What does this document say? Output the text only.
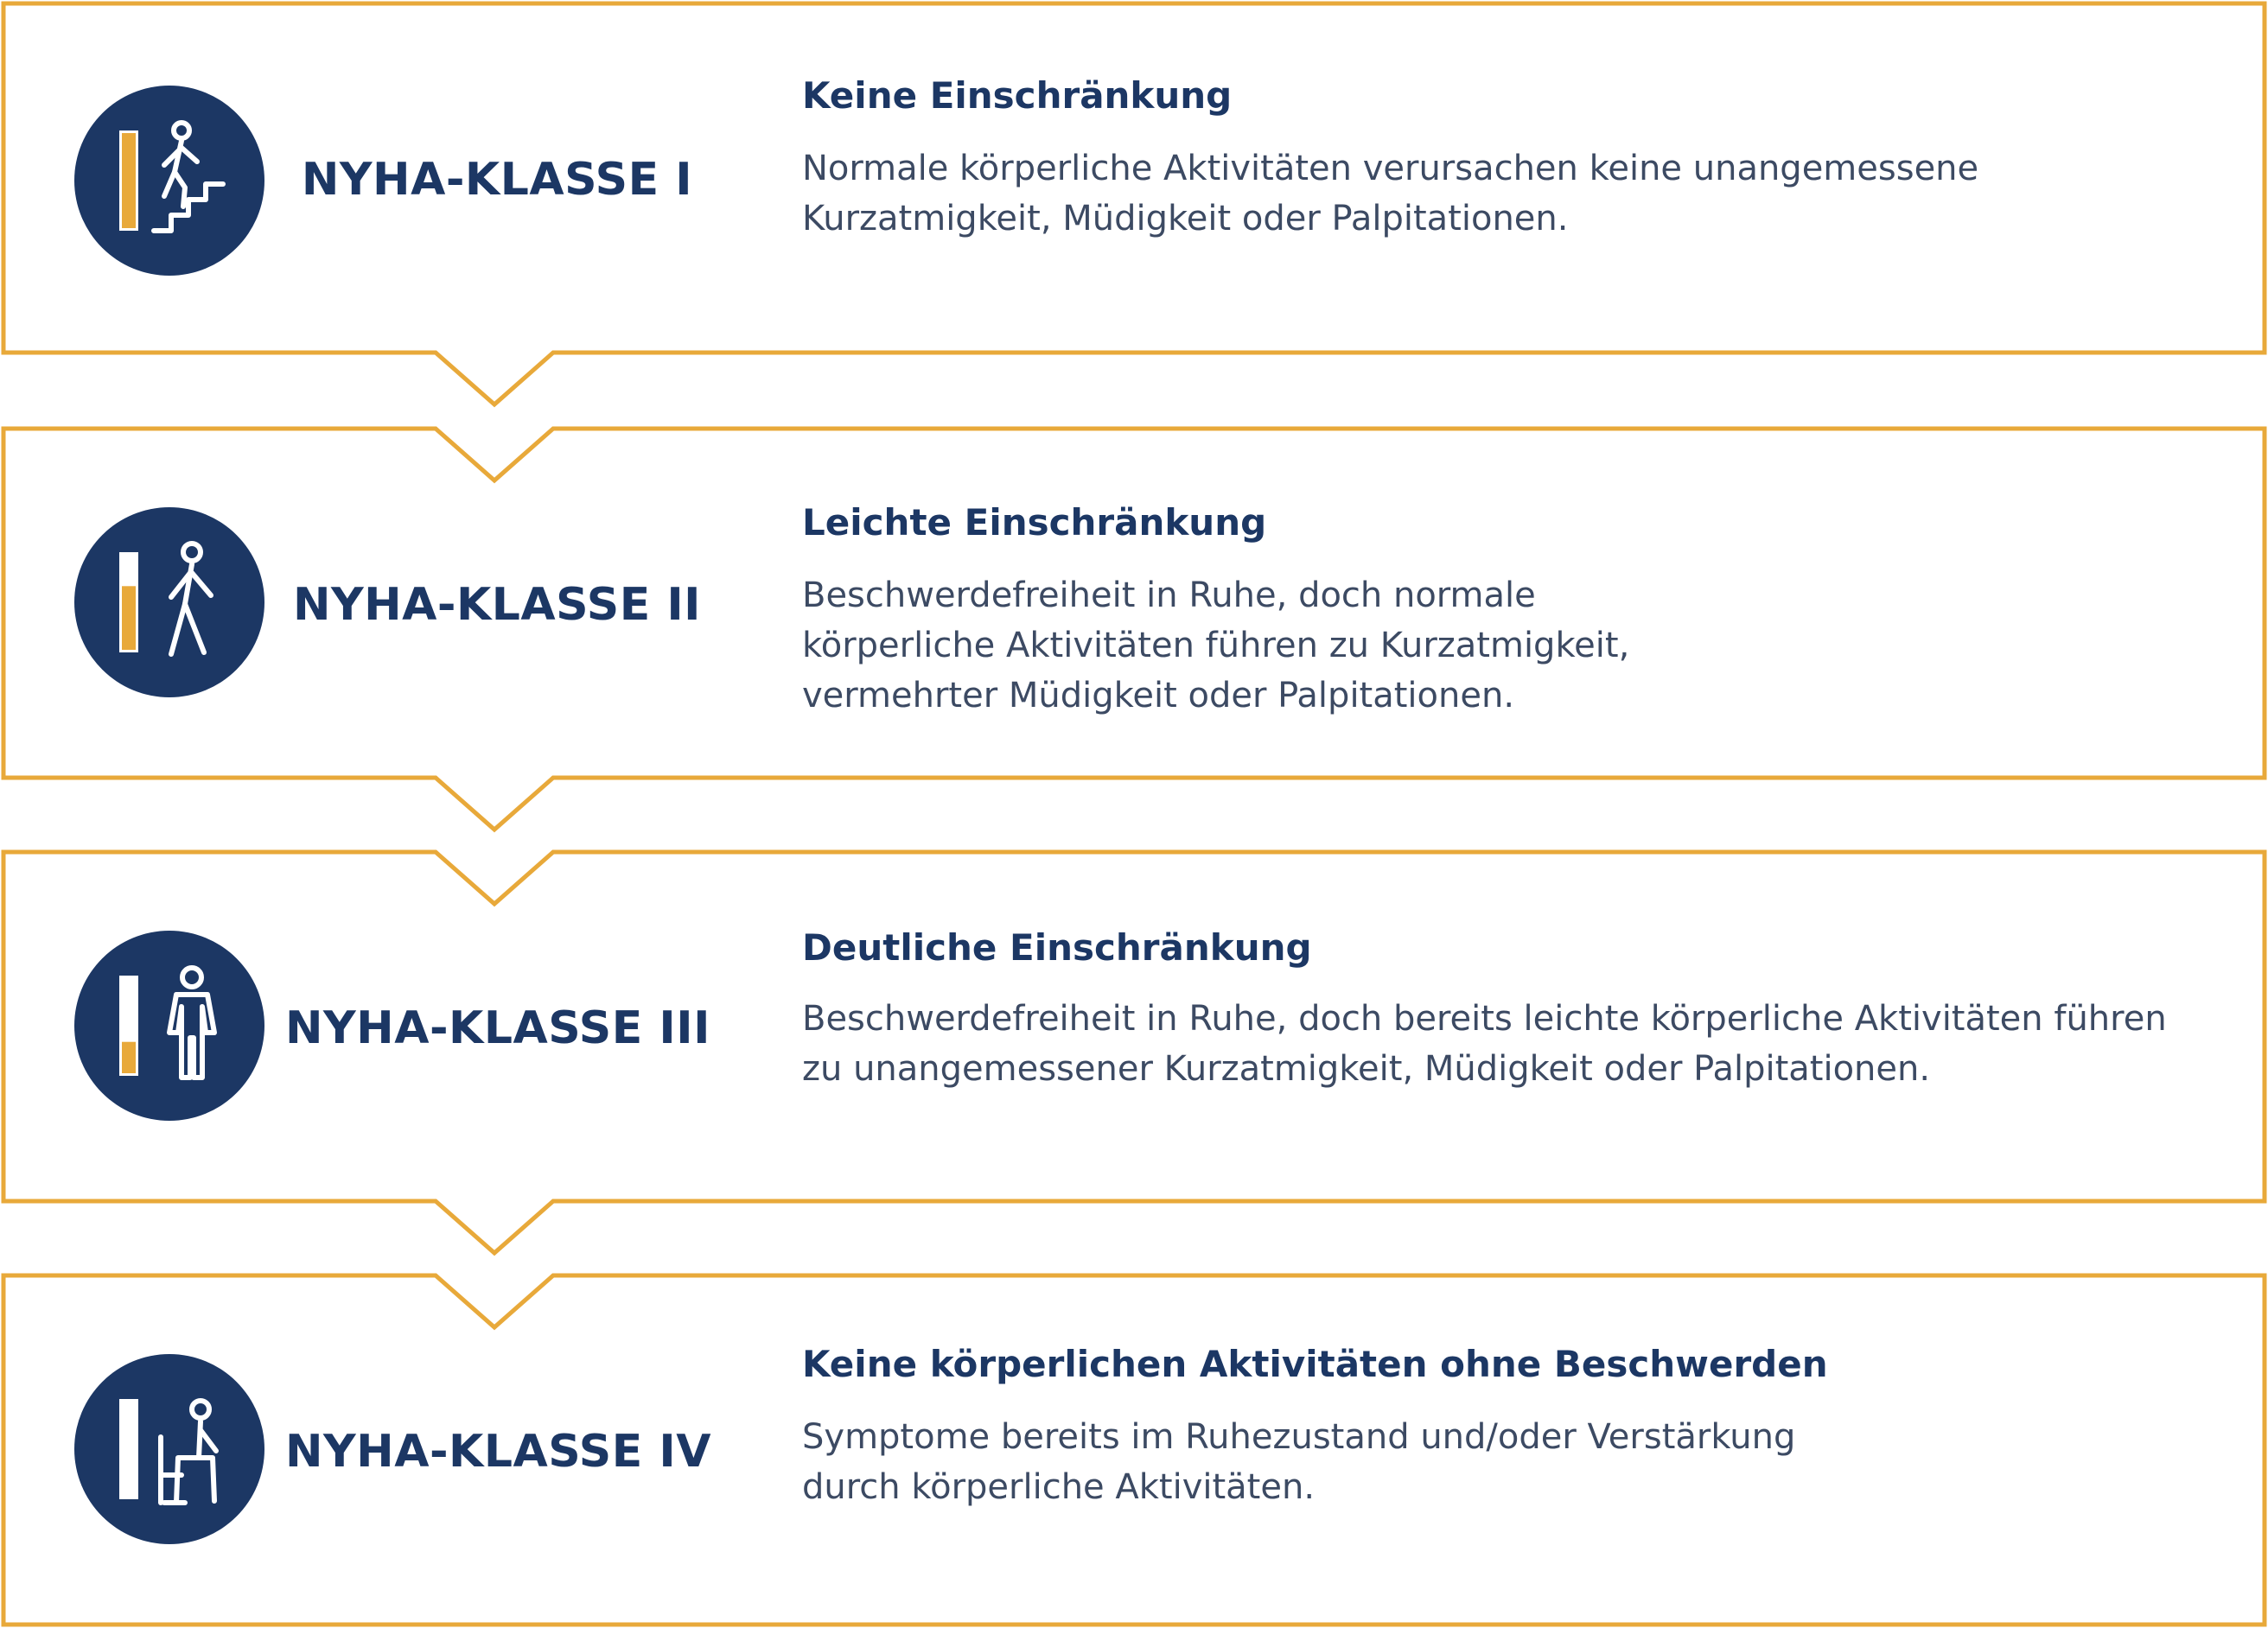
NYHA-KLASSE I
Keine Einschränkung
Normale körperliche Aktivitäten verursachen keine unangemessene
Kurzatmigkeit, Müdigkeit oder Palpitationen.
NYHA-KLASSE II
Leichte Einschränkung
Beschwerdefreiheit in Ruhe, doch normale
körperliche Aktivitäten führen zu Kurzatmigkeit,
vermehrter Müdigkeit oder Palpitationen.
NYHA-KLASSE III
Deutliche Einschränkung
Beschwerdefreiheit in Ruhe, doch bereits leichte körperliche Aktivitäten führen
zu unangemessener Kurzatmigkeit, Müdigkeit oder Palpitationen.
NYHA-KLASSE IV
Keine körperlichen Aktivitäten ohne Beschwerden
Symptome bereits im Ruhezustand und/oder Verstärkung
durch körperliche Aktivitäten.
